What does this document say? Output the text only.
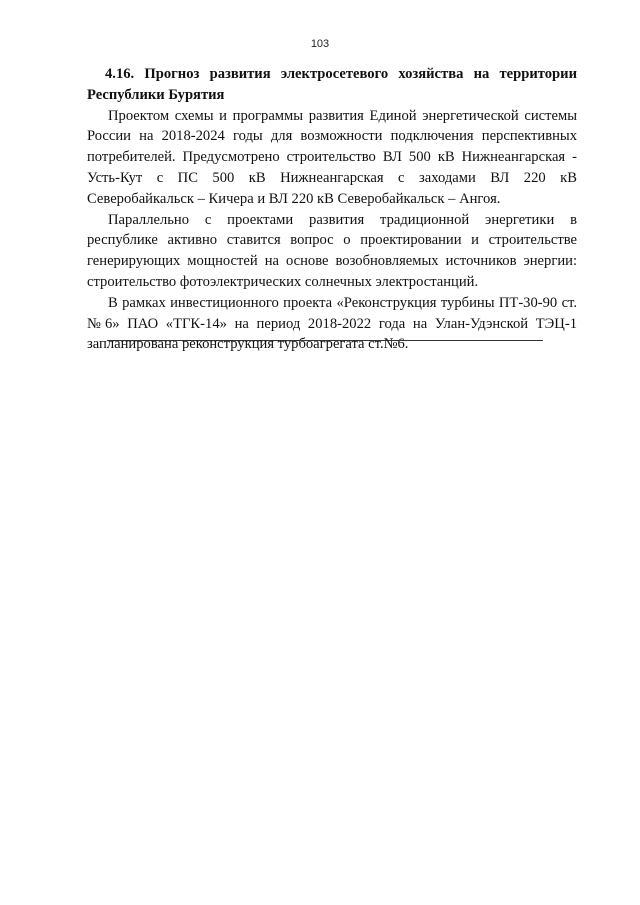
103

4.16. Прогноз развития электросетевого хозяйства на территории Республики Бурятия

Проектом схемы и программы развития Единой энергетической системы России на 2018-2024 годы для возможности подключения перспективных потребителей. Предусмотрено строительство ВЛ 500 кВ Нижнеангарская - Усть-Кут с ПС 500 кВ Нижнеангарская с заходами ВЛ 220 кВ Северобайкальск – Кичера и ВЛ 220 кВ Северобайкальск – Ангоя.

Параллельно с проектами развития традиционной энергетики в республике активно ставится вопрос о проектировании и строительстве генерирующих мощностей на основе возобновляемых источников энергии: строительство фотоэлектрических солнечных электростанций.

В рамках инвестиционного проекта «Реконструкция турбины ПТ-30-90 ст.№6» ПАО «ТГК-14» на период 2018-2022 года на Улан-Удэнской ТЭЦ-1 запланирована реконструкция турбоагрегата ст.№6.
